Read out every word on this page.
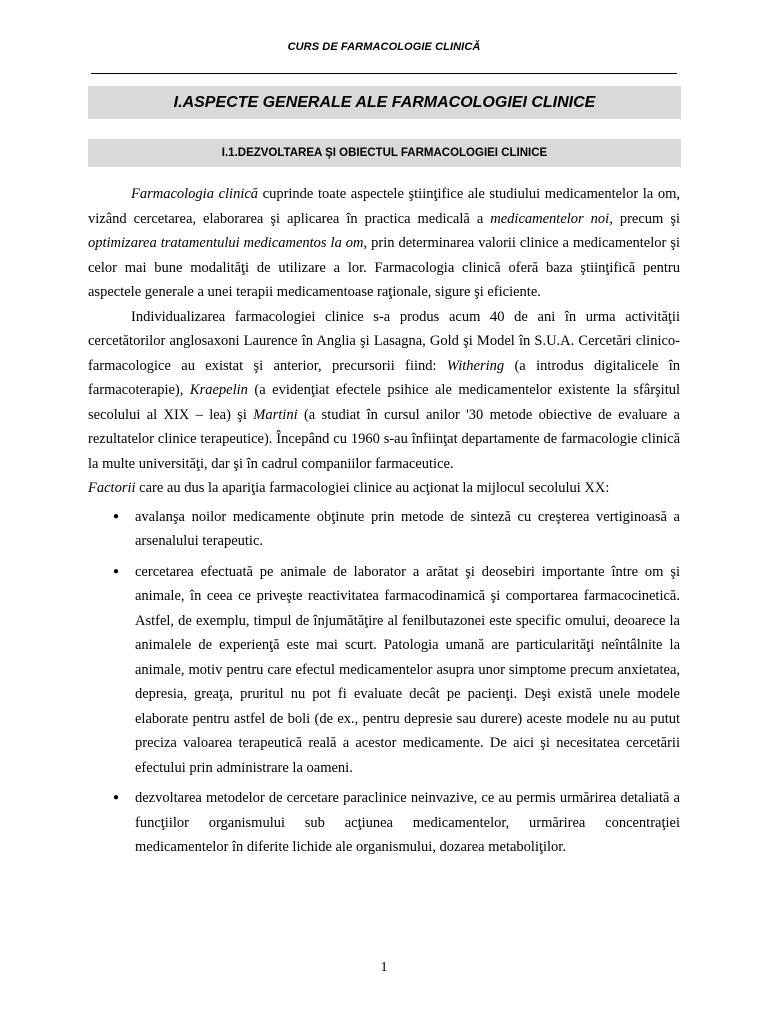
CURS DE FARMACOLOGIE CLINICĂ
I.ASPECTE GENERALE ALE FARMACOLOGIEI CLINICE
I.1.DEZVOLTAREA ŞI OBIECTUL FARMACOLOGIEI CLINICE

Farmacologia clinică cuprinde toate aspectele ştiinţifice ale studiului medicamentelor la om, vizând cercetarea, elaborarea şi aplicarea în practica medicală a medicamentelor noi, precum şi optimizarea tratamentului medicamentos la om, prin determinarea valorii clinice a medicamentelor şi celor mai bune modalităţi de utilizare a lor. Farmacologia clinică oferă baza ştiinţifică pentru aspectele generale a unei terapii medicamentoase raţionale, sigure şi eficiente.

Individualizarea farmacologiei clinice s-a produs acum 40 de ani în urma activităţii cercetătorilor anglosaxoni Laurence în Anglia şi Lasagna, Gold şi Model în S.U.A. Cercetări clinico-farmacologice au existat şi anterior, precursorii fiind: Withering (a introdus digitalicele în farmacoterapie), Kraepelin (a evidenţiat efectele psihice ale medicamentelor existente la sfârşitul secolului al XIX – lea) şi Martini (a studiat în cursul anilor '30 metode obiective de evaluare a rezultatelor clinice terapeutice). Începând cu 1960 s-au înfiinţat departamente de farmacologie clinică la multe universităţi, dar şi în cadrul companiilor farmaceutice.

Factorii care au dus la apariţia farmacologiei clinice au acţionat la mijlocul secolului XX:

● avalanşa noilor medicamente obţinute prin metode de sinteză cu creşterea vertiginoasă a arsenalului terapeutic.
● cercetarea efectuată pe animale de laborator a arătat şi deosebiri importante între om şi animale, în ceea ce priveşte reactivitatea farmacodinamică şi comportarea farmacocinetică. Astfel, de exemplu, timpul de înjumătăţire al fenilbutazonei este specific omului, deoarece la animalele de experienţă este mai scurt. Patologia umană are particularităţi neîntâlnite la animale, motiv pentru care efectul medicamentelor asupra unor simptome precum anxietatea, depresia, greaţa, pruritul nu pot fi evaluate decât pe pacienţi. Deşi există unele modele elaborate pentru astfel de boli (de ex., pentru depresie sau durere) aceste modele nu au putut preciza valoarea terapeutică reală a acestor medicamente. De aici şi necesitatea cercetării efectului prin administrare la oameni.
● dezvoltarea metodelor de cercetare paraclinice neinvazive, ce au permis urmărirea detaliată a funcţiilor organismului sub acţiunea medicamentelor, urmărirea concentraţiei medicamentelor în diferite lichide ale organismului, dozarea metaboliţilor.
1
